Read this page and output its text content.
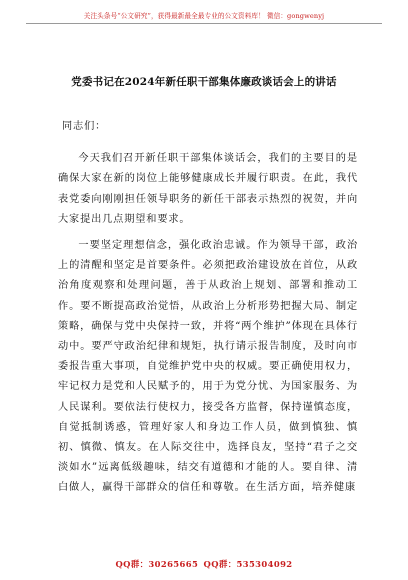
关注头条号“公文研究”，获得最新最全最专业的公文资料库！ 微信：gongwenyj
党委书记在2024年新任职干部集体廉政谈话会上的讲话

同志们：

今天我们召开新任职干部集体谈话会，我们的主要目的是确保大家在新的岗位上能够健康成长并履行职责。在此，我代表党委向刚刚担任领导职务的新任干部表示热烈的祝贺，并向大家提出几点期望和要求。

一要坚定理想信念，强化政治忠诚。作为领导干部，政治上的清醒和坚定是首要条件。必须把政治建设放在首位，从政治角度观察和处理问题，善于从政治上规划、部署和推动工作。要不断提高政治觉悟，从政治上分析形势把握大局、制定策略，确保与党中央保持一致，并将“两个维护”体现在具体行动中。要严守政治纪律和规矩，执行请示报告制度，及时向市委报告重大事项，自觉维护党中央的权威。要正确使用权力，牢记权力是党和人民赋予的，用于为党分忧、为国家服务、为人民谋利。要依法行使权力，接受各方监督，保持谨慎态度，自觉抵制诱惑，管理好家人和身边工作人员，做到慎独、慎初、慎微、慎友。在人际交往中，选择良友，坚持“君子之交淡如水”远离低级趣味，结交有道德和才能的人。要自律、清白做人，赢得干部群众的信任和尊敬。在生活方面，培养健康

QQ群：30265665 QQ群：535304092
